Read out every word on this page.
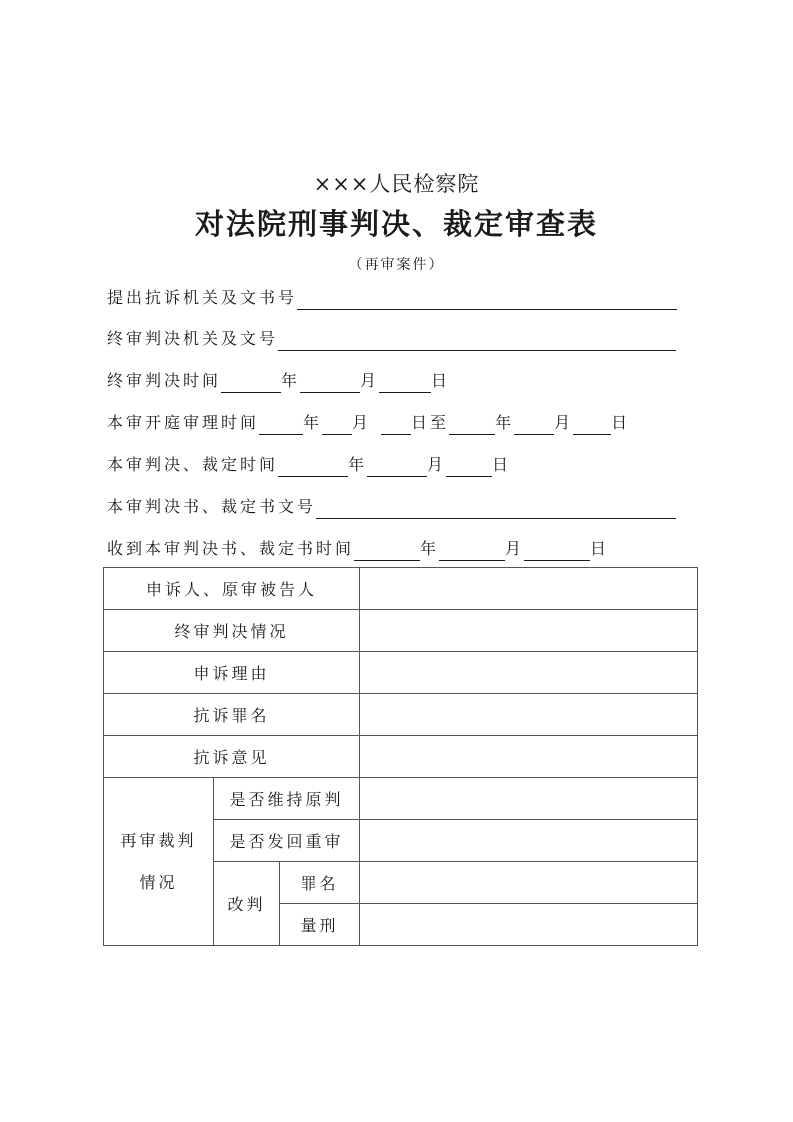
×××人民检察院
对法院刑事判决、裁定审查表
（再审案件）
提出抗诉机关及文书号
终审判决机关及文号
终审判决时间	年	月	日
本审开庭审理时间	年 月	日至	年	月 日
本审判决、裁定时间	年	月	日
本审判决书、裁定书文号
收到本审判决书、裁定书时间	年	月	日
申诉人、原审被告人			
终审判决情况			
申诉理由			
抗诉罪名			
抗诉意见			

再审裁判
情况	是否维持原判		
	是否发回重审		
	改判	罪名	
		量刑	
